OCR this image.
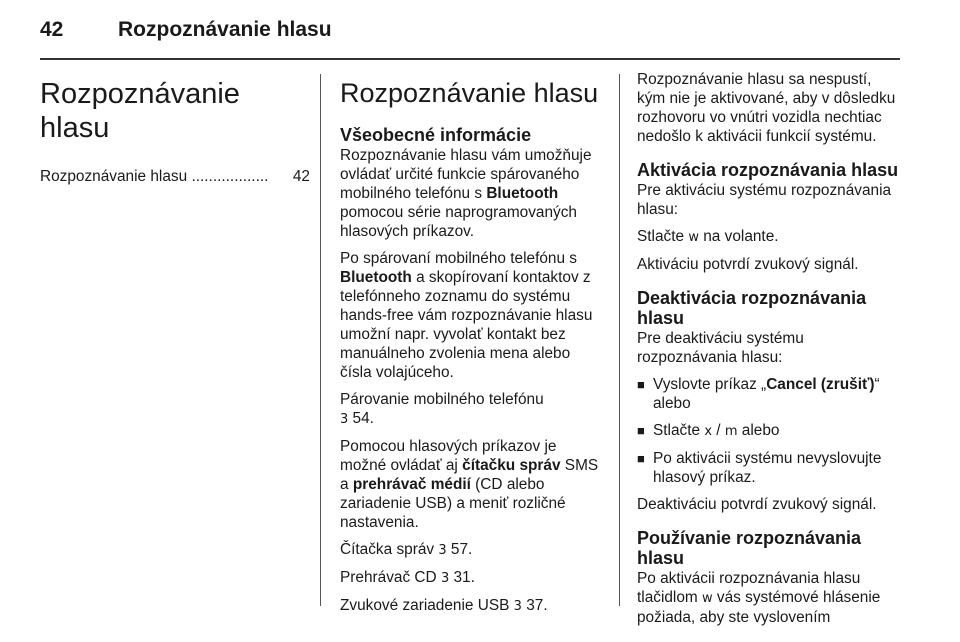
42	Rozpoznávanie hlasu
Rozpoznávanie hlasu
Rozpoznávanie hlasu .................. 42
Rozpoznávanie hlasu
Všeobecné informácie

Rozpoznávanie hlasu vám umožňuje ovládať určité funkcie spárovaného mobilného telefónu s Bluetooth pomocou série naprogramovaných hlasových príkazov.

Po spárovaní mobilného telefónu s Bluetooth a skopírovaní kontaktov z telefónneho zoznamu do systému hands-free vám rozpoznávanie hlasu umožní napr. vyvolať kontakt bez manuálneho zvolenia mena alebo čísla volajúceho.

Párovanie mobilného telefónu
3 54.

Pomocou hlasových príkazov je možné ovládať aj čítačku správ SMS a prehrávač médií (CD alebo zariadenie USB) a meniť rozličné nastavenia.

Čítačka správ 3 57.

Prehrávač CD 3 31.

Zvukové zariadenie USB 3 37.

Rozpoznávanie hlasu sa nespustí, kým nie je aktivované, aby v dôsledku rozhovoru vo vnútri vozidla nechtiac nedošlo k aktivácii funkcií systému.

Aktivácia rozpoznávania hlasu

Pre aktiváciu systému rozpoznávania hlasu:

Stlačte w na volante.

Aktiváciu potvrdí zvukový signál.

Deaktivácia rozpoznávania hlasu

Pre deaktiváciu systému rozpoznávania hlasu:

■ Vyslovte príkaz „Cancel (zrušiť)“ alebo
■ Stlačte x / m alebo
■ Po aktivácii systému nevyslovujte hlasový príkaz.

Deaktiváciu potvrdí zvukový signál.

Používanie rozpoznávania hlasu

Po aktivácii rozpoznávania hlasu tlačidlom w vás systémové hlásenie požiada, aby ste vyslovením
